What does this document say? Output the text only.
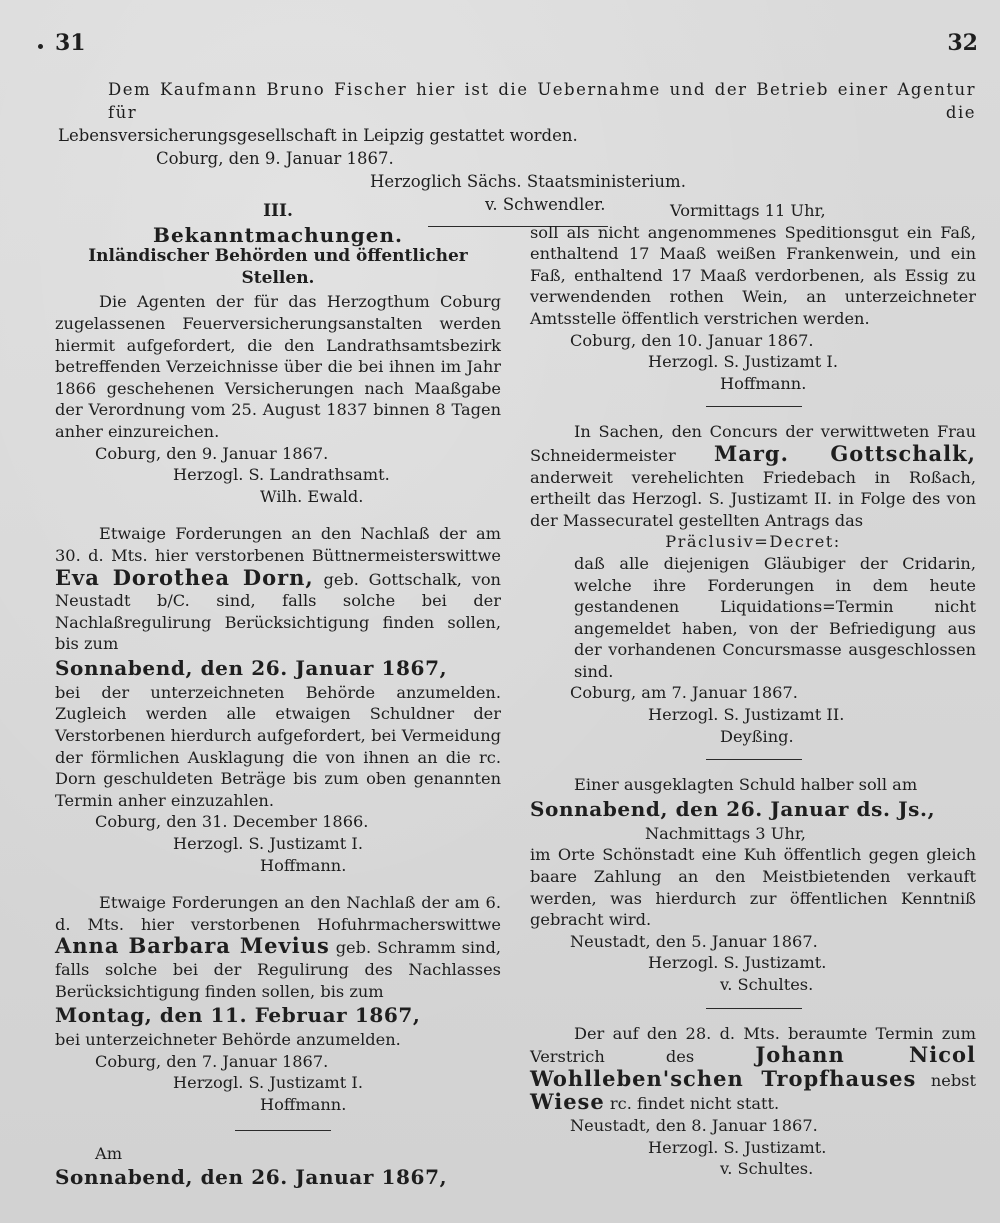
31	32
Dem Kaufmann Bruno Fischer hier ist die Uebernahme und der Betrieb einer Agentur für die
Lebensversicherungsgesellschaft in Leipzig gestattet worden.
Coburg, den 9. Januar 1867.
Herzoglich Sächs. Staatsministerium.
v. Schwendler.
III.
Bekanntmachungen.
Inländischer Behörden und öffentlicher Stellen.

Die Agenten der für das Herzogthum Coburg zugelassenen Feuerversicherungsanstalten werden hiermit aufgefordert, die den Landrathsamtsbezirk betreffenden Verzeichnisse über die bei ihnen im Jahr 1866 geschehenen Versicherungen nach Maaßgabe der Verordnung vom 25. August 1837 binnen 8 Tagen anher einzureichen.

Coburg, den 9. Januar 1867.

Herzogl. S. Landrathsamt.

Wilh. Ewald.

Etwaige Forderungen an den Nachlaß der am 30. d. Mts. hier verstorbenen Büttnermeisterswittwe Eva Dorothea Dorn, geb. Gottschalk, von Neustadt b/C. sind, falls solche bei der Nachlaßregulirung Berücksichtigung finden sollen, bis zum

Sonnabend, den 26. Januar 1867,

bei der unterzeichneten Behörde anzumelden. Zugleich werden alle etwaigen Schuldner der Verstorbenen hierdurch aufgefordert, bei Vermeidung der förmlichen Ausklagung die von ihnen an die rc. Dorn geschuldeten Beträge bis zum oben genannten Termin anher einzuzahlen.

Coburg, den 31. December 1866.

Herzogl. S. Justizamt I.

Hoffmann.

Etwaige Forderungen an den Nachlaß der am 6. d. Mts. hier verstorbenen Hofuhrmacherswittwe Anna Barbara Mevius geb. Schramm sind, falls solche bei der Regulirung des Nachlasses Berücksichtigung finden sollen, bis zum

Montag, den 11. Februar 1867,

bei unterzeichneter Behörde anzumelden.

Coburg, den 7. Januar 1867.

Herzogl. S. Justizamt I.

Hoffmann.

Am

Sonnabend, den 26. Januar 1867,

Vormittags 11 Uhr,

soll als nicht angenommenes Speditionsgut ein Faß, enthaltend 17 Maaß weißen Frankenwein, und ein Faß, enthaltend 17 Maaß verdorbenen, als Essig zu verwendenden rothen Wein, an unterzeichneter Amtsstelle öffentlich verstrichen werden.

Coburg, den 10. Januar 1867.

Herzogl. S. Justizamt I.

Hoffmann.

In Sachen, den Concurs der verwittweten Frau Schneidermeister Marg. Gottschalk, anderweit verehelichten Friedebach in Roßach, ertheilt das Herzogl. S. Justizamt II. in Folge des von der Massecuratel gestellten Antrags das

Präclusiv=Decret:

daß alle diejenigen Gläubiger der Cridarin, welche ihre Forderungen in dem heute gestandenen Liquidations=Termin nicht angemeldet haben, von der Befriedigung aus der vorhandenen Concursmasse ausgeschlossen sind.

Coburg, am 7. Januar 1867.

Herzogl. S. Justizamt II.

Deyßing.

Einer ausgeklagten Schuld halber soll am

Sonnabend, den 26. Januar ds. Js.,

Nachmittags 3 Uhr,

im Orte Schönstadt eine Kuh öffentlich gegen gleich baare Zahlung an den Meistbietenden verkauft werden, was hierdurch zur öffentlichen Kenntniß gebracht wird.

Neustadt, den 5. Januar 1867.

Herzogl. S. Justizamt.

v. Schultes.

Der auf den 28. d. Mts. beraumte Termin zum Verstrich des	Johann Nicol Wohlleben'schen Tropfhauses nebst Wiese rc. findet nicht statt.

Neustadt, den 8. Januar 1867.

Herzogl. S. Justizamt.

v. Schultes.
